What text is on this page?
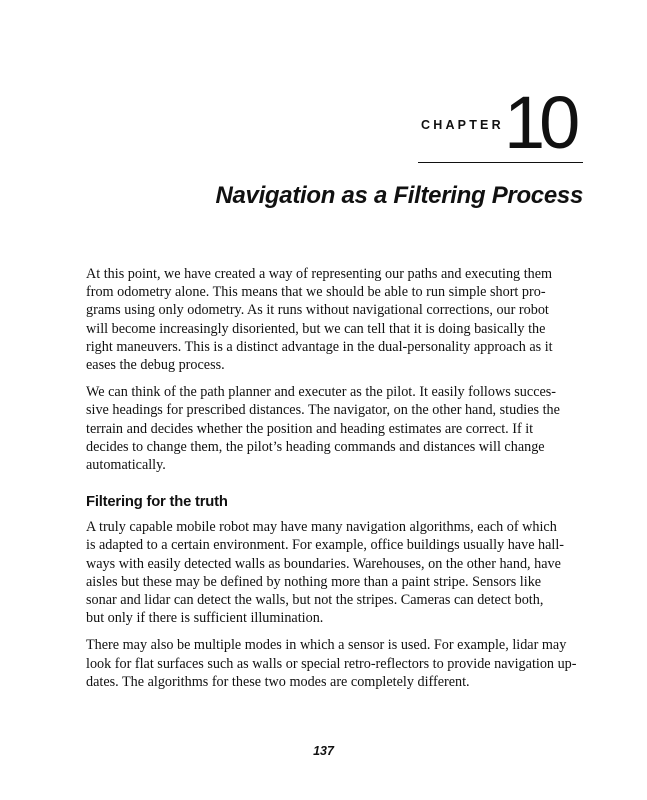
CHAPTER 10
Navigation as a Filtering Process

At this point, we have created a way of representing our paths and executing them
from odometry alone. This means that we should be able to run simple short pro-
grams using only odometry. As it runs without navigational corrections, our robot
will become increasingly disoriented, but we can tell that it is doing basically the
right maneuvers. This is a distinct advantage in the dual-personality approach as it
eases the debug process.

We can think of the path planner and executer as the pilot. It easily follows succes-
sive headings for prescribed distances. The navigator, on the other hand, studies the
terrain and decides whether the position and heading estimates are correct. If it
decides to change them, the pilot’s heading commands and distances will change
automatically.

Filtering for the truth

A truly capable mobile robot may have many navigation algorithms, each of which
is adapted to a certain environment. For example, office buildings usually have hall-
ways with easily detected walls as boundaries. Warehouses, on the other hand, have
aisles but these may be defined by nothing more than a paint stripe. Sensors like
sonar and lidar can detect the walls, but not the stripes. Cameras can detect both,
but only if there is sufficient illumination.

There may also be multiple modes in which a sensor is used. For example, lidar may
look for flat surfaces such as walls or special retro-reflectors to provide navigation up-
dates. The algorithms for these two modes are completely different.

137
